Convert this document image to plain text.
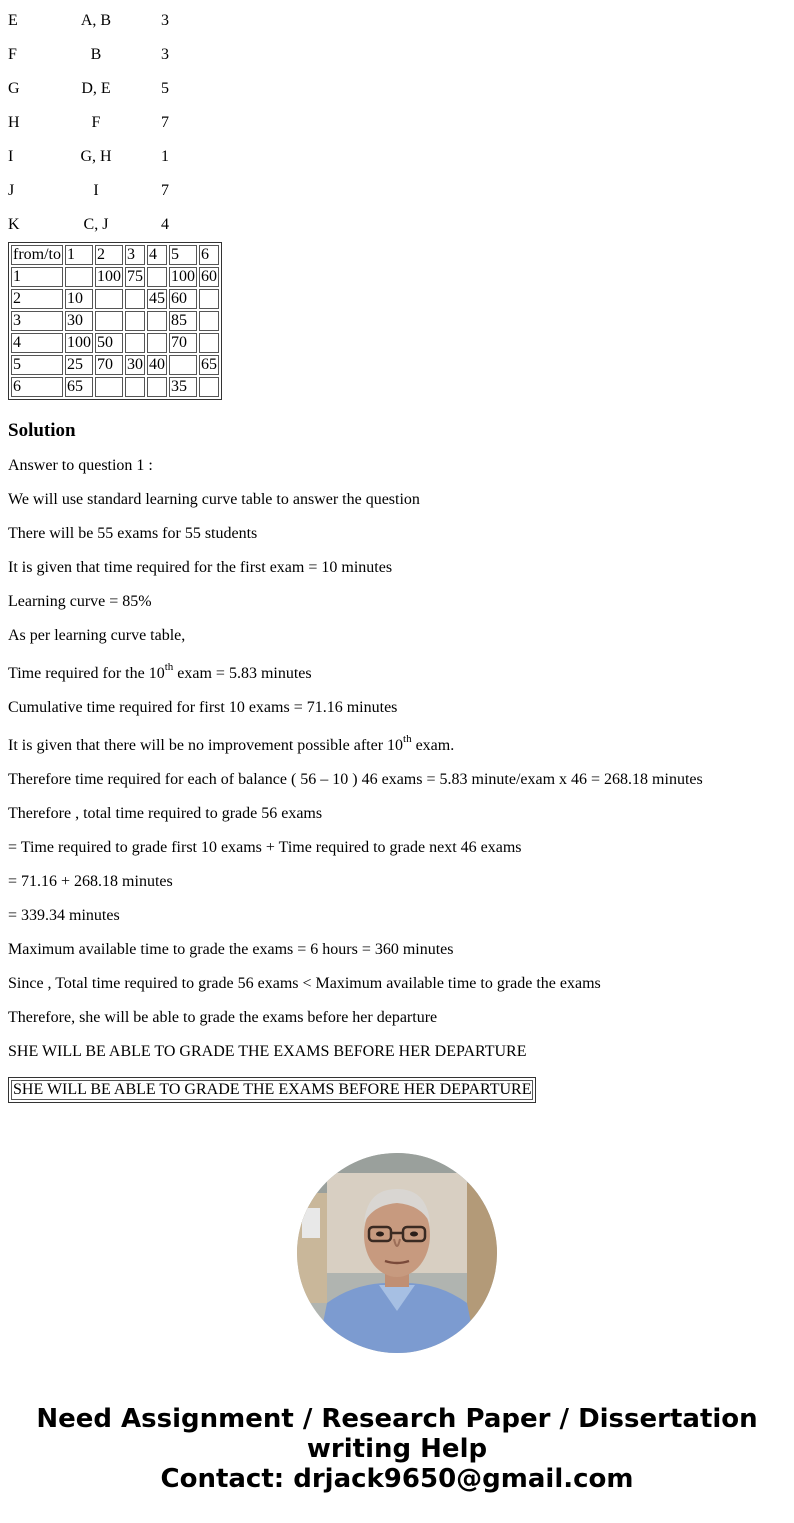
E	A, B	3
F	B	3
G	D, E	5
H	F	7
I	G, H	1
J	I	7
K	C, J	4
from/to	1	2	3	4	5	6
1		100	75		100	60
2	10			45	60	
3	30				85	
4	100	50			70	
5	25	70	30	40		65
6	65				35	
Solution

Answer to question 1 :

We will use standard learning curve table to answer the question

There will be 55 exams for 55 students

It is given that time required for the first exam = 10 minutes

Learning curve = 85%

As per learning curve table,

Time required for the 10th exam = 5.83 minutes

Cumulative time required for first 10 exams = 71.16 minutes

It is given that there will be no improvement possible after 10th exam.

Therefore time required for each of balance ( 56 – 10 ) 46 exams = 5.83 minute/exam x 46 = 268.18 minutes

Therefore , total time required to grade 56 exams

= Time required to grade first 10 exams + Time required to grade next 46 exams

= 71.16 + 268.18 minutes

= 339.34 minutes

Maximum available time to grade the exams = 6 hours = 360 minutes

Since , Total time required to grade 56 exams < Maximum available time to grade the exams

Therefore, she will be able to grade the exams before her departure

SHE WILL BE ABLE TO GRADE THE EXAMS BEFORE HER DEPARTURE

SHE WILL BE ABLE TO GRADE THE EXAMS BEFORE HER DEPARTURE
Need Assignment / Research Paper / Dissertation
writing Help
Contact: drjack9650@gmail.com
